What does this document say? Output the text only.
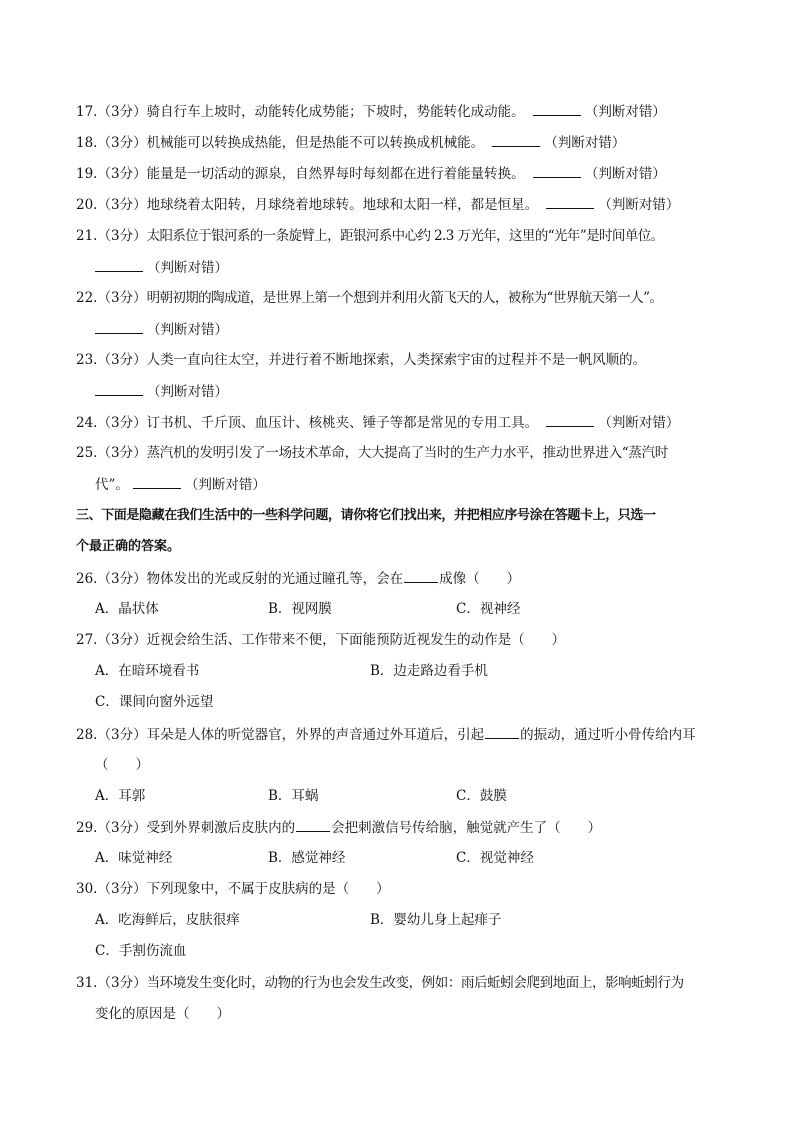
17.（3分）骑自行车上坡时，动能转化成势能；下坡时，势能转化成动能。	（判断对错）
18.（3分）机械能可以转换成热能，但是热能不可以转换成机械能。	（判断对错）
19.（3分）能量是一切活动的源泉，自然界每时每刻都在进行着能量转换。	（判断对错）
20.（3分）地球绕着太阳转，月球绕着地球转。地球和太阳一样，都是恒星。	（判断对错）
21.（3分）太阳系位于银河系的一条旋臂上，距银河系中心约 2.3 万光年，这里的“光年”是时间单位。
（判断对错）
22.（3分）明朝初期的陶成道，是世界上第一个想到并利用火箭飞天的人，被称为“世界航天第一人”。
（判断对错）
23.（3分）人类一直向往太空，并进行着不断地探索，人类探索宇宙的过程并不是一帆风顺的。
（判断对错）
24.（3分）订书机、千斤顶、血压计、核桃夹、锤子等都是常见的专用工具。	（判断对错）
25.（3分）蒸汽机的发明引发了一场技术革命，大大提高了当时的生产力水平，推动世界进入“蒸汽时
代”。	（判断对错）
三、下面是隐藏在我们生活中的一些科学问题，请你将它们找出来，并把相应序号涂在答题卡上，只选一
个最正确的答案。
26.（3分）物体发出的光或反射的光通过瞳孔等，会在	成像（　　）
A．晶状体	B．视网膜	C．视神经
27.（3分）近视会给生活、工作带来不便，下面能预防近视发生的动作是（　　）
A．在暗环境看书	B．边走路边看手机
C．课间向窗外远望
28.（3分）耳朵是人体的听觉器官，外界的声音通过外耳道后，引起	的振动，通过听小骨传给内耳
（　　）
A．耳郭	B．耳蜗	C．鼓膜
29.（3分）受到外界刺激后皮肤内的	会把刺激信号传给脑，触觉就产生了（　　）
A．味觉神经	B．感觉神经	C．视觉神经
30.（3分）下列现象中，不属于皮肤病的是（　　）
A．吃海鲜后，皮肤很痒	B．婴幼儿身上起痱子
C．手割伤流血
31.（3分）当环境发生变化时，动物的行为也会发生改变，例如：雨后蚯蚓会爬到地面上，影响蚯蚓行为
变化的原因是（　　）
